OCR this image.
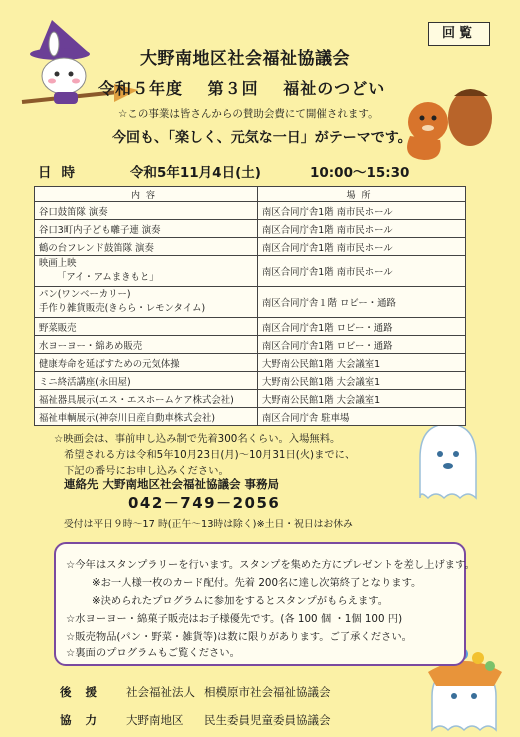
回覧
大野南地区社会福祉協議会
令和５年度 第３回 福祉のつどい
☆この事業は皆さんからの賛助会費にて開催されます。
今回も、「楽しく、元気な一日」がテーマです。
日時	令和5年11月4日(土)	10:00～15:30
内容	場所
谷口鼓笛隊 演奏	南区合同庁舎1階 南市民ホール
谷口3町内子ども囃子連 演奏	南区合同庁舎1階 南市民ホール
鶴の台フレンド鼓笛隊 演奏	南区合同庁舎1階 南市民ホール

映画上映
「アイ・アムまきもと」	南区合同庁舎1階 南市民ホール

パン(ワンベーカリー)
手作り雑貨販売(きらら・レモンタイム)	南区合同庁舎１階 ロビー・通路
野菜販売	南区合同庁舎1階 ロビー・通路
水ヨーヨー・綿あめ販売	南区合同庁舎1階 ロビー・通路
健康寿命を延ばすための元気体操	大野南公民館1階 大会議室1
ミニ終活講座(永田屋)	大野南公民館1階 大会議室1
福祉器具展示(エス・エスホームケア株式会社)	大野南公民館1階 大会議室1
福祉車輌展示(神奈川日産自動車株式会社)	南区合同庁舎 駐車場
☆映画会は、事前申し込み制で先着300名くらい。入場無料。
希望される方は令和5年10月23日(月)～10月31日(火)までに、
下記の番号にお申し込みください。
連絡先 大野南地区社会福祉協議会 事務局
042－749－2056
受付は平日９時～17 時(正午～13時は除く)※土日・祝日はお休み
☆今年はスタンプラリーを行います。スタンプを集めた方にプレゼントを差し上げます。
※お一人様一枚のカード配付。先着 200名に達し次第終了となります。
※決められたプログラムに参加をするとスタンプがもらえます。
☆水ヨーヨー・綿菓子販売はお子様優先です。(各 100 個 ・1個 100 円)
☆販売物品(パン・野菜・雑貨等)は数に限りがあります。ご了承ください。
☆裏面のプログラムもご覧ください。
後援 社会福祉法人 相模原市社会福祉協議会
協力 大野南地区 民生委員児童委員協議会
